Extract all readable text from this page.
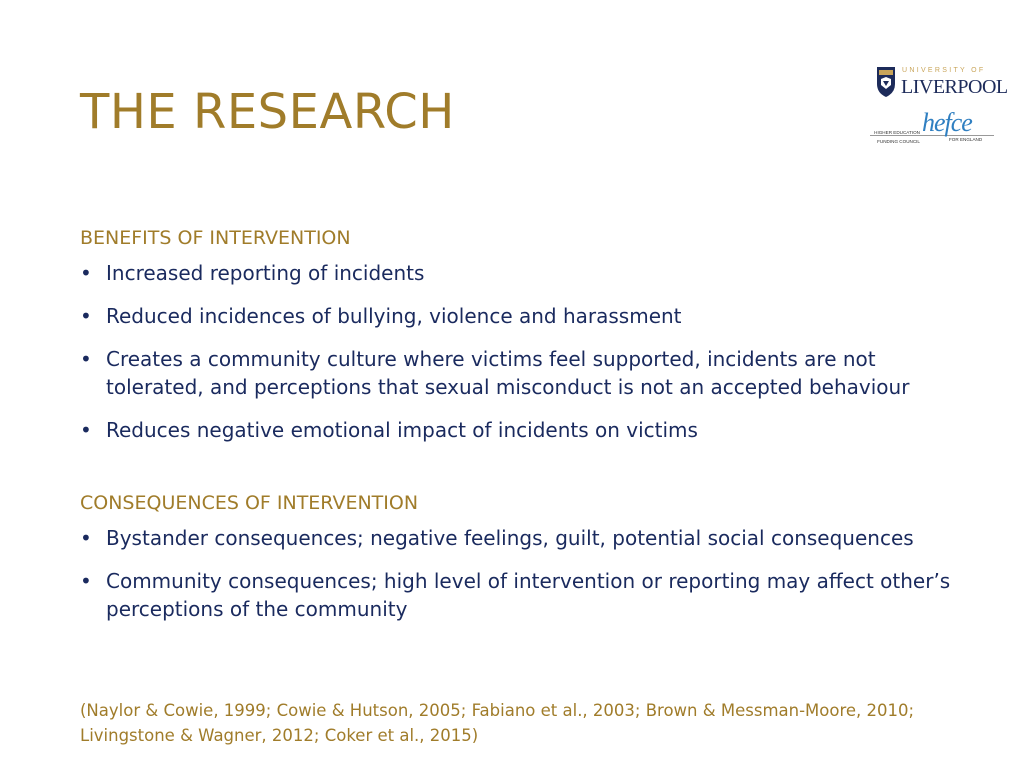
THE RESEARCH
UNIVERSITY OF
LIVERPOOL
hefce
HIGHER EDUCATION
FUNDING COUNCIL	FOR ENGLAND
BENEFITS OF INTERVENTION
• Increased reporting of incidents
• Reduced incidences of bullying, violence and harassment
• Creates a community culture where victims feel supported, incidents are not tolerated, and perceptions that sexual misconduct is not an accepted behaviour
• Reduces negative emotional impact of incidents on victims
CONSEQUENCES OF INTERVENTION
• Bystander consequences; negative feelings, guilt, potential social consequences
• Community consequences; high level of intervention or reporting may affect other’s perceptions of the community
(Naylor & Cowie, 1999; Cowie & Hutson, 2005; Fabiano et al., 2003; Brown & Messman-Moore, 2010; Livingstone & Wagner, 2012; Coker et al., 2015)
